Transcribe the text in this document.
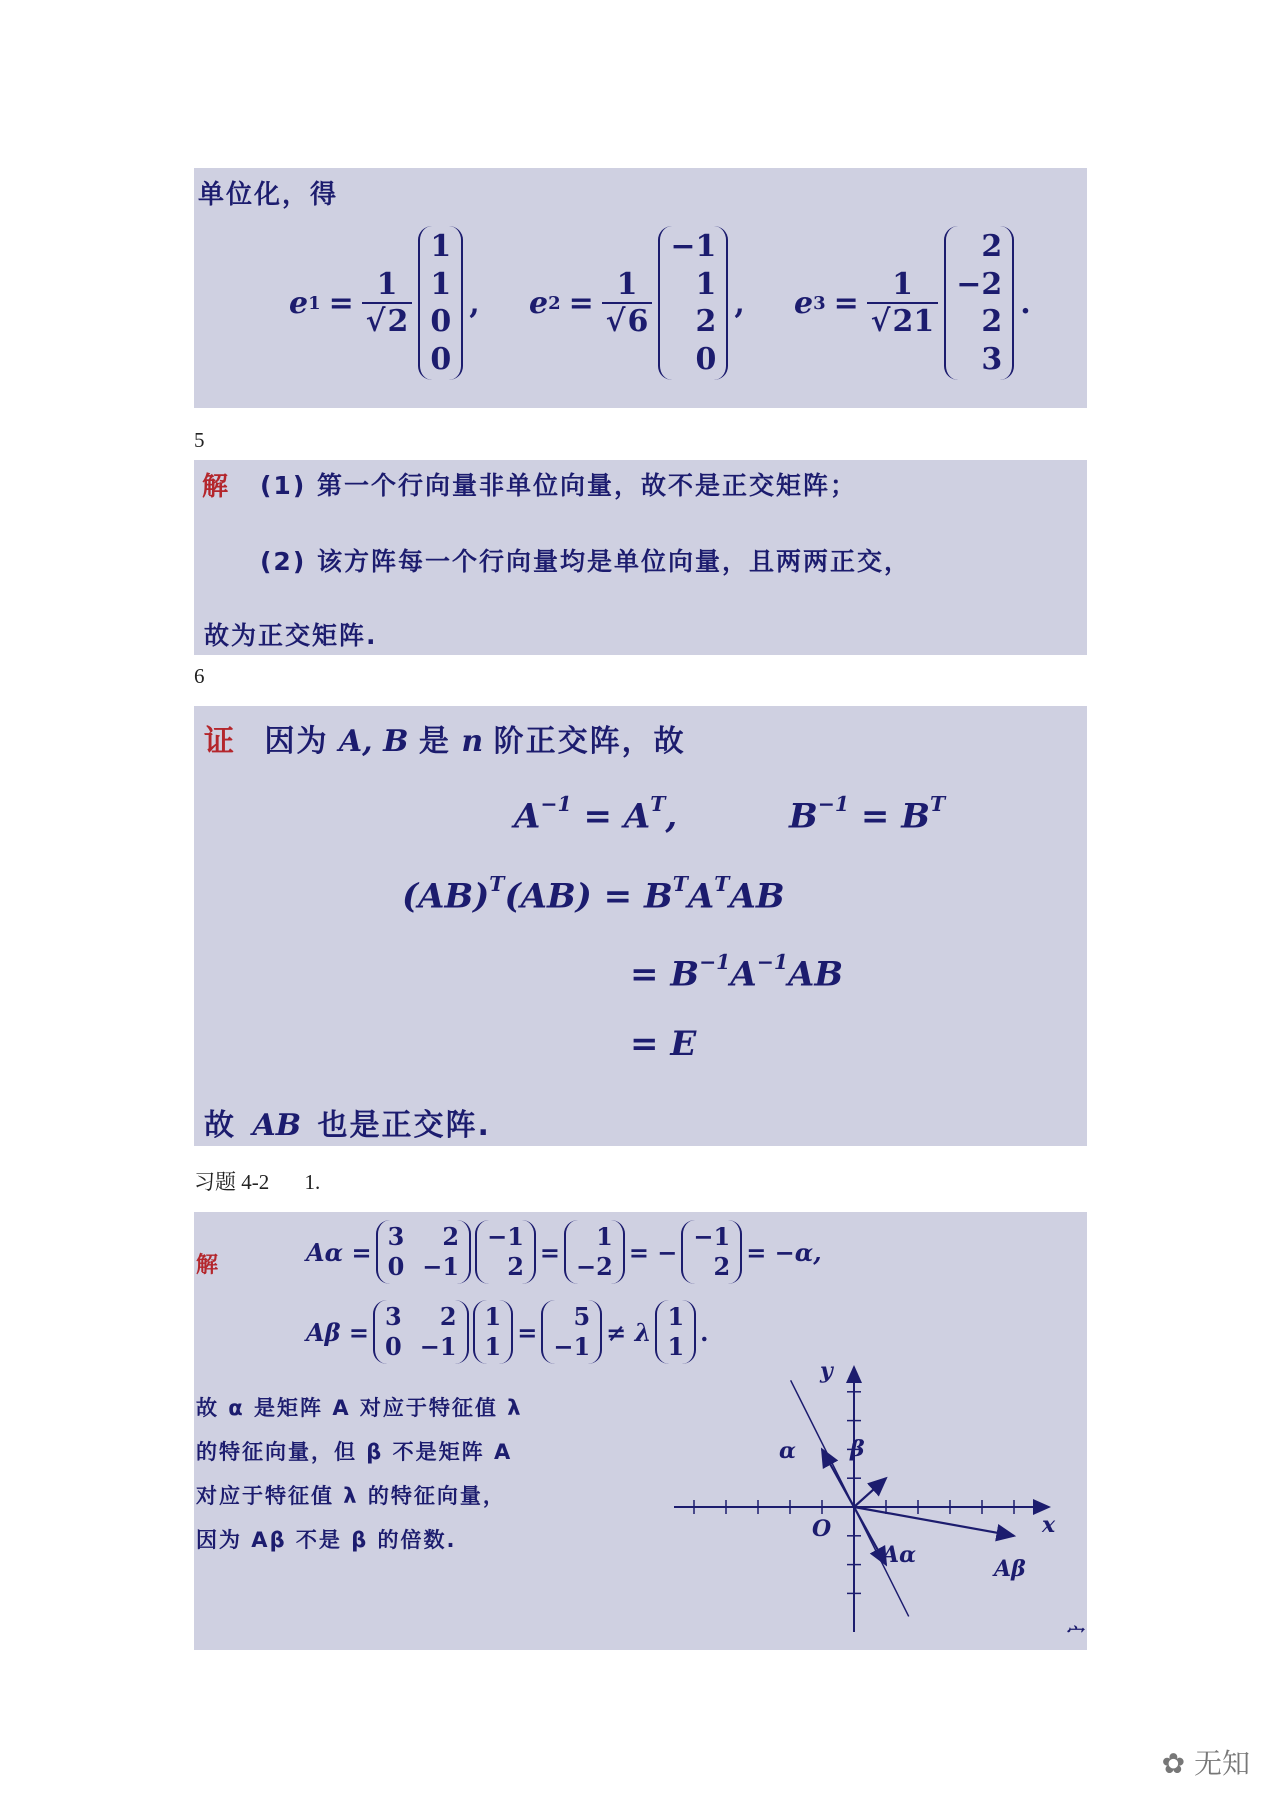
单位化，得
e $1 = \frac{1}{√2}$
1
1
0
0
, e $2 = \frac{1}{√6}$
−1
1
2
0
, e $3 = \frac{1}{√21}$
2
−2
2
3
.
5
解 (1) 第一个行向量非单位向量，故不是正交矩阵；
(2) 该方阵每一个行向量均是单位向量，且两两正交，
故为正交矩阵.
6
证 因为 A, B 是 n 阶正交阵，故
$A^{-1} = A^T$,	$B^{-1} = B^T$
$(AB)^T(AB) = B^TA^TAB$
= $B^{-1}A^{-1}AB$
= E
故 AB 也是正交阵.
习题 4-2 1.
解	Aα =
3	2
0 −1
−1
2 =
1
−2 = −
−1
2 = −α,
Aβ =
3	2
0 −1
1
1 =
5
−1 ≠ λ
1
1 .
故 α 是矩阵 A 对应于特征值 λ
的特征向量，但 β 不是矩阵 A
对应于特征值 λ 的特征向量，
因为 Aβ 不是 β 的倍数.
y
x
O
α β
Aα
Aβ
宀
✿ 无知
